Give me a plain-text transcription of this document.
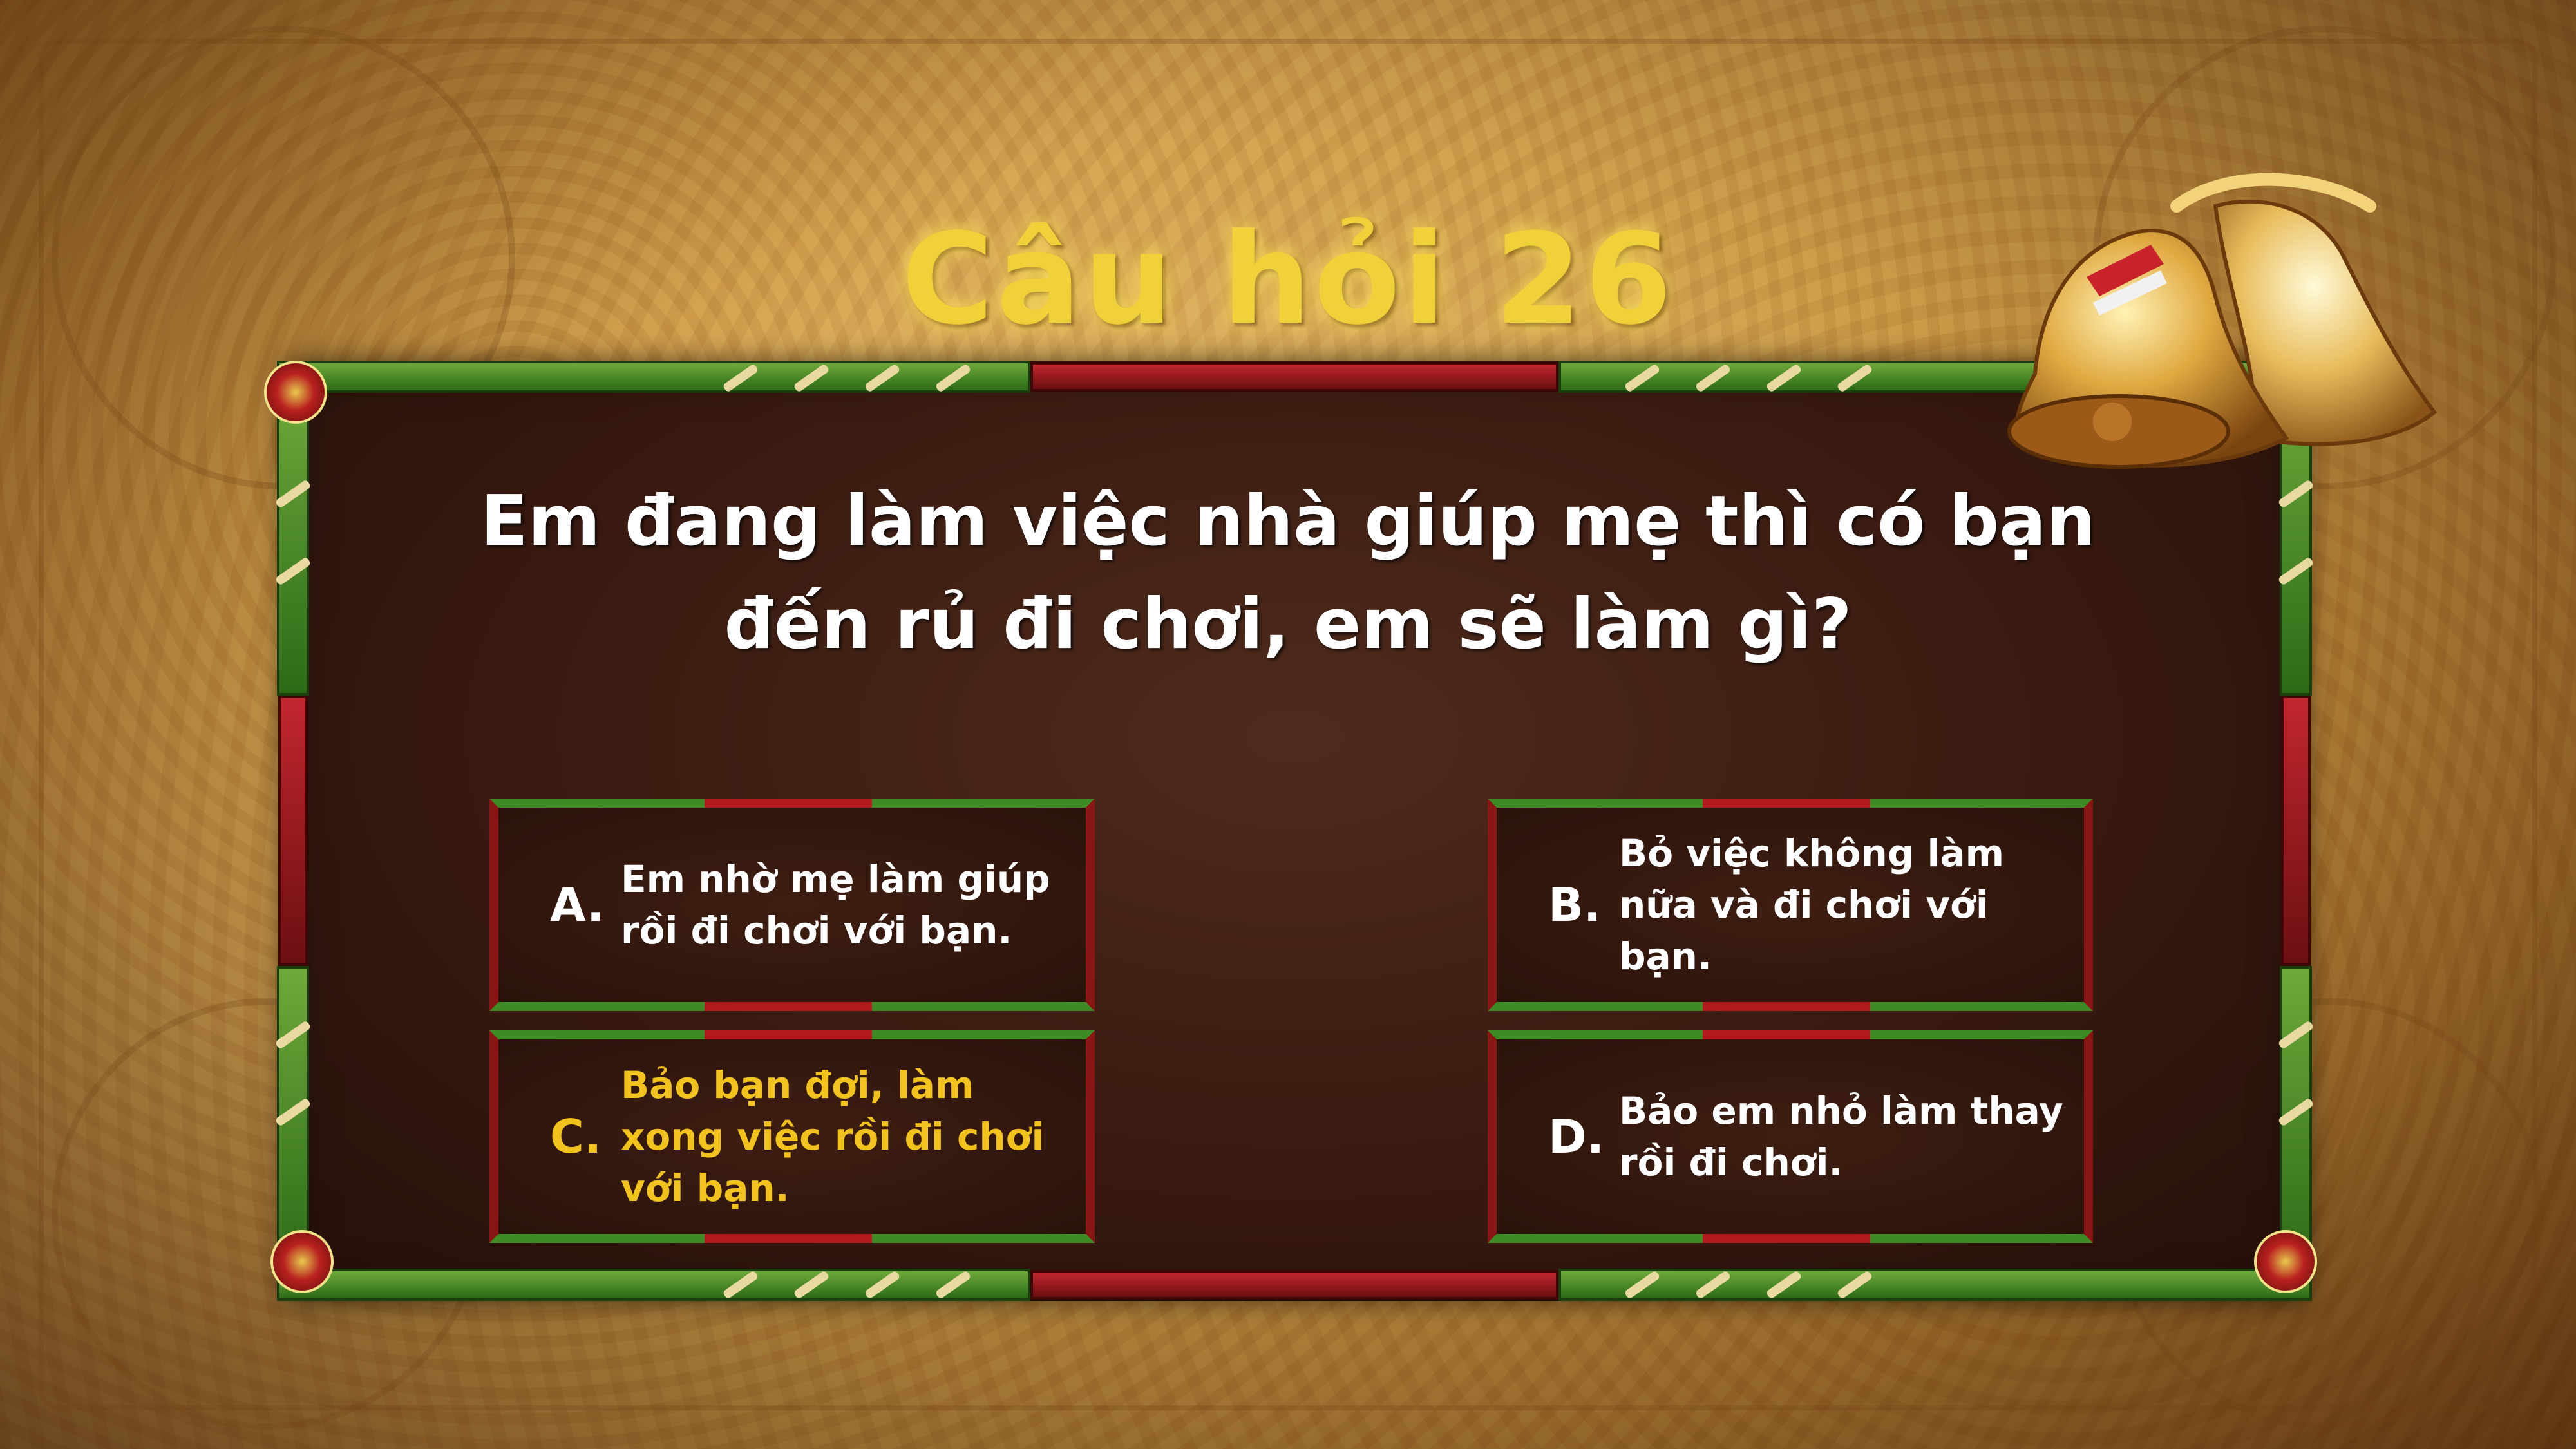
Câu hỏi 26
Em đang làm việc nhà giúp mẹ thì có bạn đến rủ đi chơi, em sẽ làm gì?
A. Em nhờ mẹ làm giúp rồi đi chơi với bạn.	B.
Bỏ việc không làm nữa và đi chơi với bạn.
C.
Bảo bạn đợi, làm xong việc rồi đi chơi với bạn.
D. Bảo em nhỏ làm thay rồi đi chơi.
